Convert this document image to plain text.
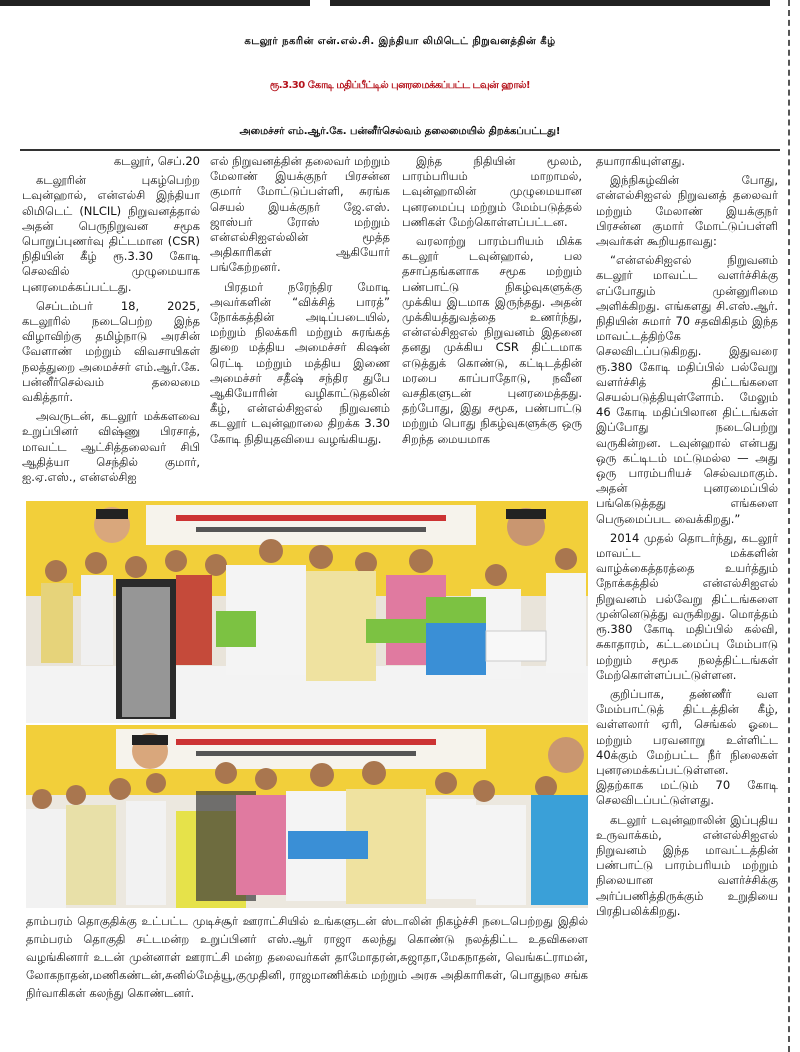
கடலூர் நகரின் என்.எல்.சி. இந்தியா லிமிடெட் நிறுவனத்தின் கீழ்
ரூ.3.30 கோடி மதிப்பீட்டில் புனரமைக்கப்பட்ட டவுன் ஹால்!
அமைச்சர் எம்.ஆர்.கே. பன்னீர்செல்வம் தலைமையில் திறக்கப்பட்டது!

கடலூர், செப்.20

கடலூரின் புகழ்பெற்ற டவுன்ஹால், என்எல்சி இந்தியா லிமிடெட் (NLCIL) நிறுவனத்தால் அதன் பெருநிறுவன சமூக பொறுப்புணர்வு திட்டமான (CSR) நிதியின் கீழ் ரூ.3.30 கோடி செலவில் முழுமையாக புனரமைக்கப்பட்டது.

செப்டம்பர் 18, 2025, கடலூரில் நடைபெற்ற இந்த விழாவிற்கு தமிழ்நாடு அரசின் வேளாண் மற்றும் விவசாயிகள் நலத்துறை அமைச்சர் எம்.ஆர்.கே. பன்னீர்செல்வம் தலைமை வகித்தார்.

அவருடன், கடலூர் மக்களவை உறுப்பினர் விஷ்ணு பிரசாத், மாவட்ட ஆட்சித்தலைவர் சிபி ஆதித்யா செந்தில் குமார், ஐ.ஏ.எஸ்., என்எல்சிஐ

எல் நிறுவனத்தின் தலைவர் மற்றும் மேலாண் இயக்குநர் பிரசன்ன குமார் மோட்டுப்பள்ளி, சுரங்க செயல் இயக்குநர் ஜே.எஸ். ஜாஸ்பர் ரோஸ் மற்றும் என்எல்சிஐஎல்லின் மூத்த அதிகாரிகள் ஆகியோர் பங்கேற்றனர்.

பிரதமர் நரேந்திர மோடி அவர்களின் “விக்சித் பாரத்” நோக்கத்தின் அடிப்படையில், மற்றும் நிலக்கரி மற்றும் சுரங்கத் துறை மத்திய அமைச்சர் கிஷன் ரெட்டி மற்றும் மத்திய இணை அமைச்சர் சதீஷ் சந்திர துபே ஆகியோரின் வழிகாட்டுதலின் கீழ், என்எல்சிஐஎல் நிறுவனம் கடலூர் டவுன்ஹாலை திறக்க 3.30 கோடி நிதியுதவியை வழங்கியது.

இந்த நிதியின் மூலம், பாரம்பரியம் மாறாமல், டவுன்ஹாலின் முழுமையான புனரமைப்பு மற்றும் மேம்படுத்தல் பணிகள் மேற்கொள்ளப்பட்டன.

வரலாற்று பாரம்பரியம் மிக்க கடலூர் டவுன்ஹால், பல தசாப்தங்களாக சமூக மற்றும் பண்பாட்டு நிகழ்வுகளுக்கு முக்கிய இடமாக இருந்தது. அதன் முக்கியத்துவத்தை உணர்ந்து, என்எல்சிஐஎல் நிறுவனம் இதனை தனது முக்கிய CSR திட்டமாக எடுத்துக் கொண்டு, கட்டிடத்தின் மரபை காப்பாதோடு, நவீன வசதிகளுடன் புனரமைத்தது. தற்போது, இது சமூக, பண்பாட்டு மற்றும் பொது நிகழ்வுகளுக்கு ஒரு சிறந்த மையமாக

தயாராகியுள்ளது.

இந்நிகழ்வின் போது, என்எல்சிஐஎல் நிறுவனத் தலைவர் மற்றும் மேலாண் இயக்குநர் பிரசன்ன குமார் மோட்டுப்பள்ளி அவர்கள் கூறியதாவது:

“என்எல்சிஐஎல் நிறுவனம் கடலூர் மாவட்ட வளர்ச்சிக்கு எப்போதும் முன்னுரிமை அளிக்கிறது. எங்களது சி.எஸ்.ஆர். நிதியின் சுமார் 70 சதவிகிதம் இந்த மாவட்டத்திற்கே செலவிடப்படுகிறது. இதுவரை ரூ.380 கோடி மதிப்பில் பல்வேறு வளர்ச்சித் திட்டங்களை செயல்படுத்தியுள்ளோம். மேலும் 46 கோடி மதிப்பிலான திட்டங்கள் இப்போது நடைபெற்று வருகின்றன. டவுன்ஹால் என்பது ஒரு கட்டிடம் மட்டுமல்ல — அது ஒரு பாரம்பரியச் செல்வமாகும். அதன் புனரமைப்பில் பங்கெடுத்தது எங்களை பெருமைப்பட வைக்கிறது.”

2014 முதல் தொடர்ந்து, கடலூர் மாவட்ட மக்களின் வாழ்க்கைத்தரத்தை உயர்த்தும் நோக்கத்தில் என்எல்சிஐஎல் நிறுவனம் பல்வேறு திட்டங்களை முன்னெடுத்து வருகிறது. மொத்தம் ரூ.380 கோடி மதிப்பில் கல்வி, சுகாதாரம், கட்டமைப்பு மேம்பாடு மற்றும் சமூக நலத்திட்டங்கள் மேற்கொள்ளப்பட்டுள்ளன.

குறிப்பாக, தண்ணீர் வள மேம்பாட்டுத் திட்டத்தின் கீழ், வள்ளலார் ஏரி, செங்கல் ஓடை மற்றும் பரவனாறு உள்ளிட்ட 40க்கும் மேற்பட்ட நீர் நிலைகள் புனரமைக்கப்பட்டுள்ளன. இதற்காக மட்டும் 70 கோடி செலவிடப்பட்டுள்ளது.

கடலூர் டவுன்ஹாலின் இப்புதிய உருவாக்கம், என்எல்சிஐஎல் நிறுவனம் இந்த மாவட்டத்தின் பண்பாட்டு பாரம்பரியம் மற்றும் நிலையான வளர்ச்சிக்கு அர்ப்பணித்திருக்கும் உறுதியை பிரதிபலிக்கிறது.

தாம்பரம் தொகுதிக்கு உட்பட்ட முடிச்சூர் ஊராட்சியில் உங்களுடன் ஸ்டாலின் நிகழ்ச்சி நடைபெற்றது இதில் தாம்பரம் தொகுதி சட்டமன்ற உறுப்பினர் எஸ்.ஆர் ராஜா கலந்து கொண்டு நலத்திட்ட உதவிகளை வழங்கினார் உடன் முன்னாள் ஊராட்சி மன்ற தலைவர்கள் தாமோதரன்,சுஜாதா,மேகநாதன், வெங்கட்ராமன், லோகநாதன்,மணிகண்டன்,சுனில்மேத்யூ,குமுதினி, ராஜமாணிக்கம் மற்றும் அரசு அதிகாரிகள், பொதுநல சங்க நிர்வாகிகள் கலந்து கொண்டனர்.
